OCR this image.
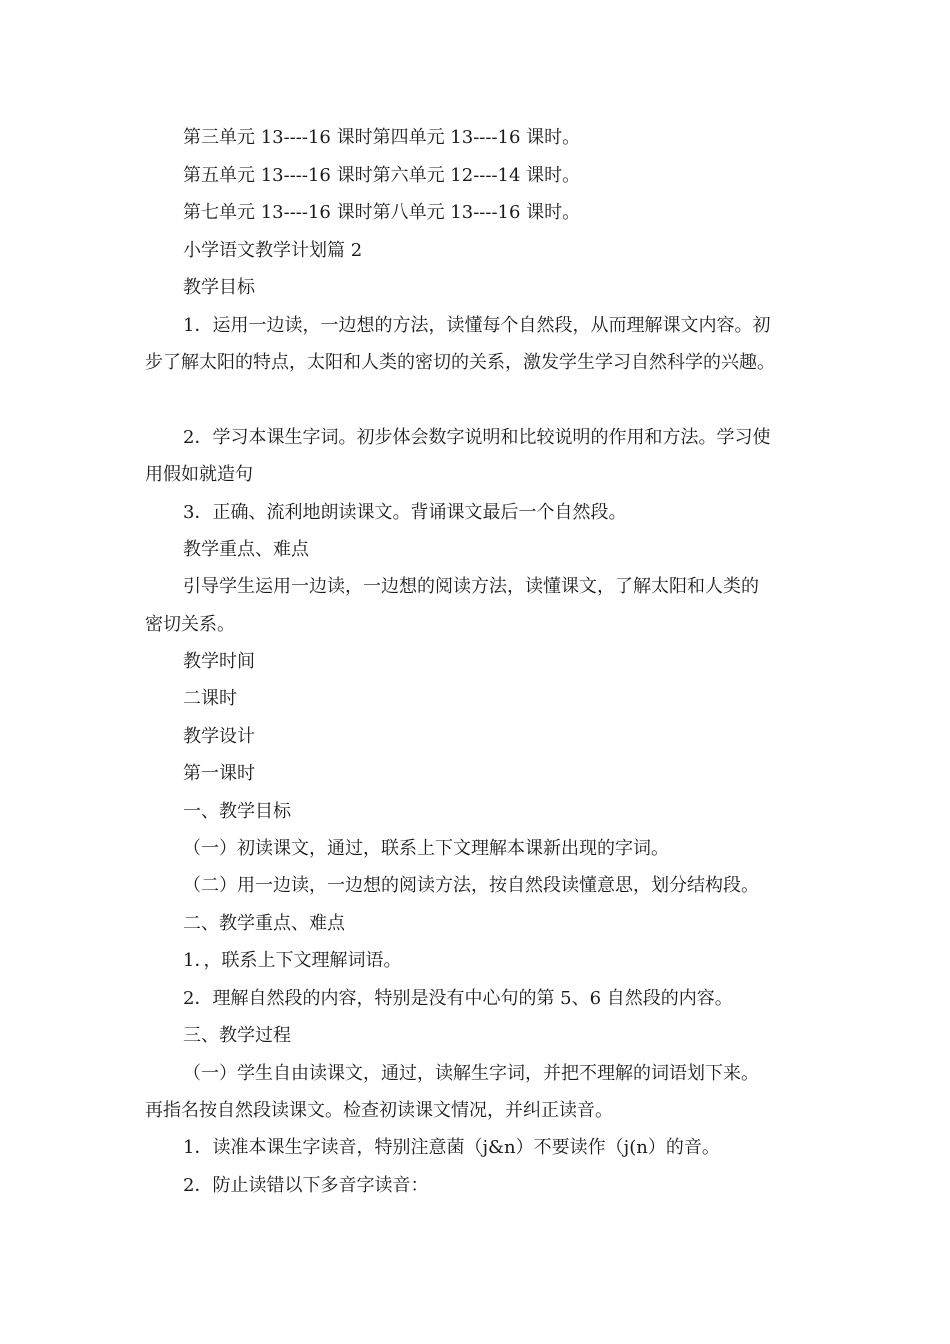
第三单元 13----16 课时第四单元 13----16 课时。

第五单元 13----16 课时第六单元 12----14 课时。

第七单元 13----16 课时第八单元 13----16 课时。

小学语文教学计划篇 2

教学目标

1．运用一边读，一边想的方法，读懂每个自然段，从而理解课文内容。初

步了解太阳的特点，太阳和人类的密切的关系，激发学生学习自然科学的兴趣。

2．学习本课生字词。初步体会数字说明和比较说明的作用和方法。学习使

用假如就造句

3．正确、流利地朗读课文。背诵课文最后一个自然段。

教学重点、难点

引导学生运用一边读，一边想的阅读方法，读懂课文，了解太阳和人类的

密切关系。

教学时间

二课时

教学设计

第一课时

一、教学目标

（一）初读课文，通过，联系上下文理解本课新出现的字词。

（二）用一边读，一边想的阅读方法，按自然段读懂意思，划分结构段。

二、教学重点、难点

1．，联系上下文理解词语。

2．理解自然段的内容，特别是没有中心句的第 5、6 自然段的内容。

三、教学过程

（一）学生自由读课文，通过，读解生字词，并把不理解的词语划下来。

再指名按自然段读课文。检查初读课文情况，并纠正读音。

1．读准本课生字读音，特别注意菌（j&n）不要读作（j(n）的音。

2．防止读错以下多音字读音：
